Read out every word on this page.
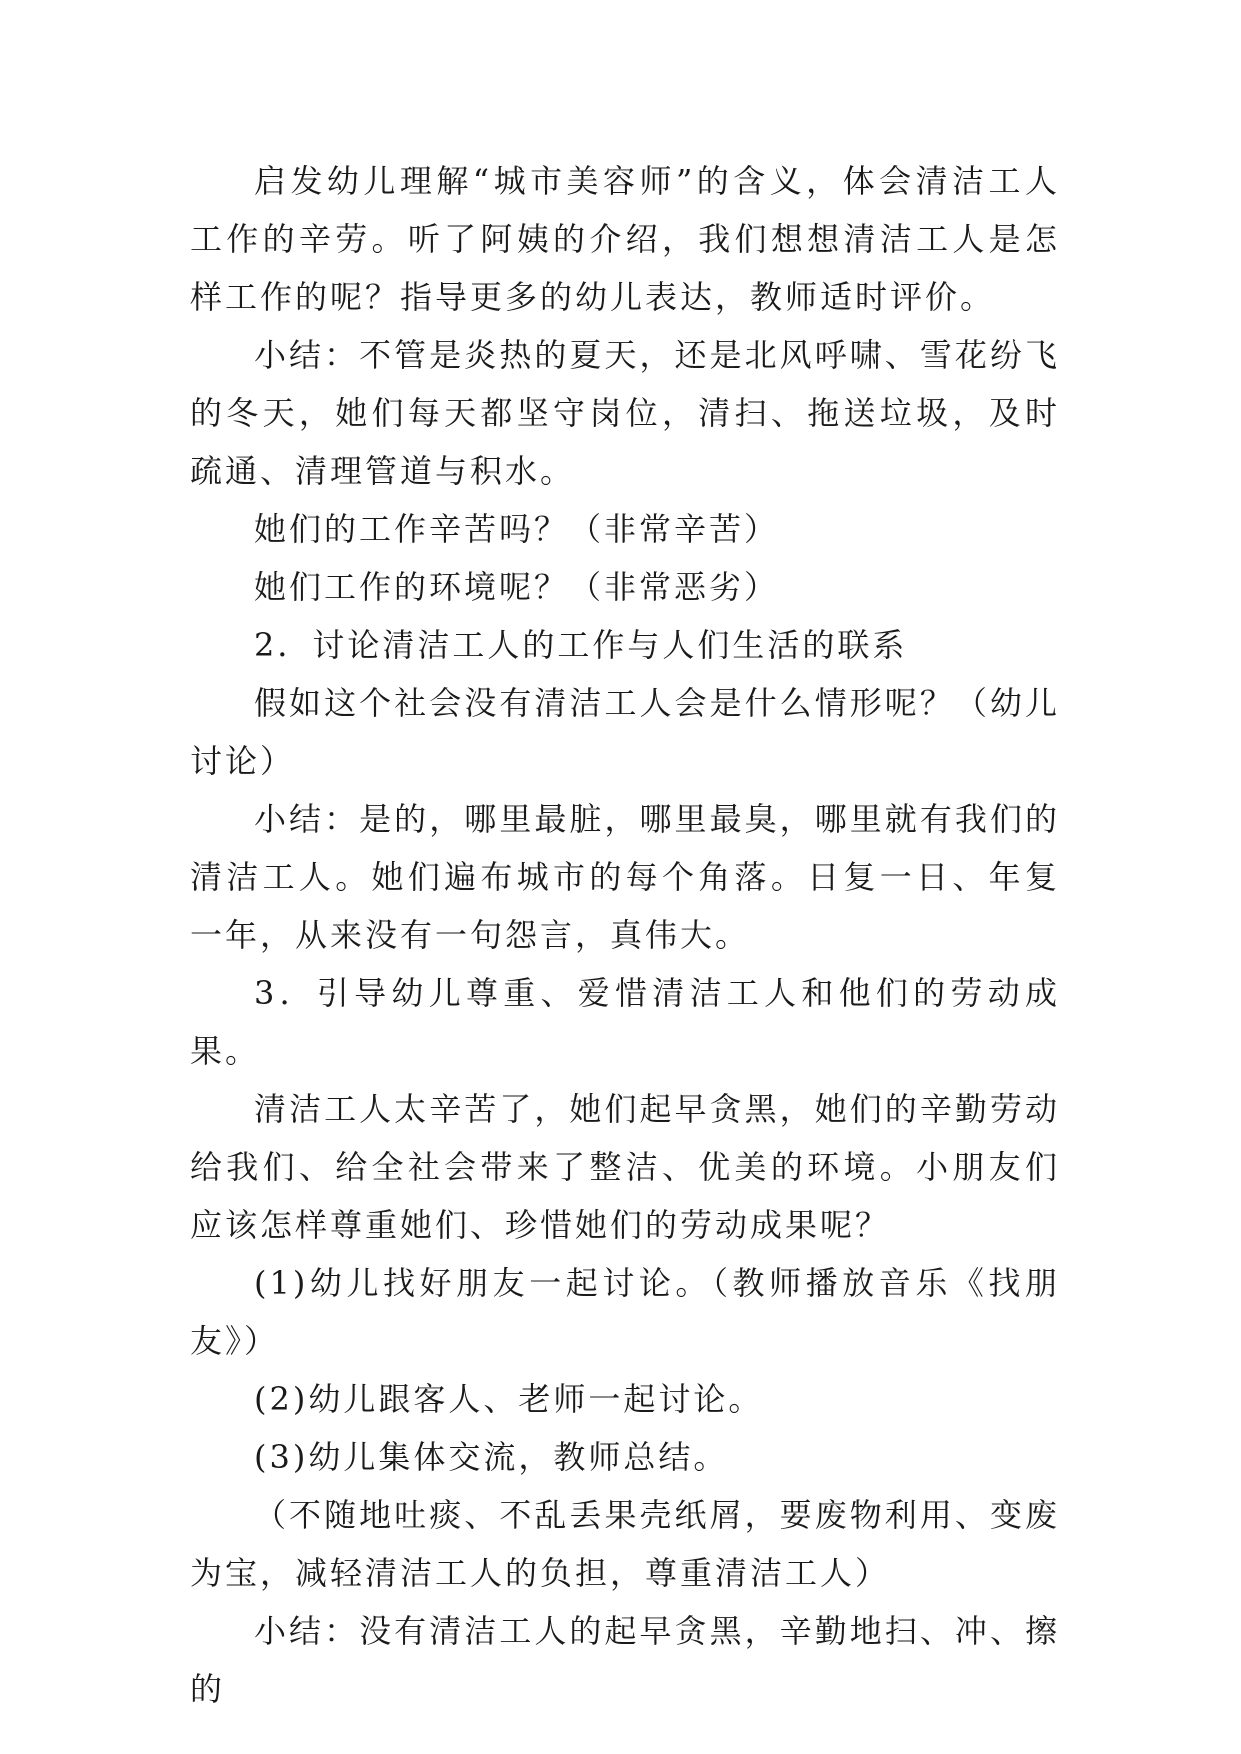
启发幼儿理解“城市美容师”的含义，体会清洁工人工作的辛劳。听了阿姨的介绍，我们想想清洁工人是怎样工作的呢？指导更多的幼儿表达，教师适时评价。

小结：不管是炎热的夏天，还是北风呼啸、雪花纷飞的冬天，她们每天都坚守岗位，清扫、拖送垃圾，及时疏通、清理管道与积水。

她们的工作辛苦吗？（非常辛苦）

她们工作的环境呢？（非常恶劣）

2．讨论清洁工人的工作与人们生活的联系

假如这个社会没有清洁工人会是什么情形呢？（幼儿讨论）

小结：是的，哪里最脏，哪里最臭，哪里就有我们的清洁工人。她们遍布城市的每个角落。日复一日、年复一年，从来没有一句怨言，真伟大。

3．引导幼儿尊重、爱惜清洁工人和他们的劳动成果。

清洁工人太辛苦了，她们起早贪黑，她们的辛勤劳动给我们、给全社会带来了整洁、优美的环境。小朋友们应该怎样尊重她们、珍惜她们的劳动成果呢？

(1)幼儿找好朋友一起讨论。（教师播放音乐《找朋友》）

(2)幼儿跟客人、老师一起讨论。

(3)幼儿集体交流，教师总结。

（不随地吐痰、不乱丢果壳纸屑，要废物利用、变废为宝，减轻清洁工人的负担，尊重清洁工人）

小结：没有清洁工人的起早贪黑，辛勤地扫、冲、擦的
